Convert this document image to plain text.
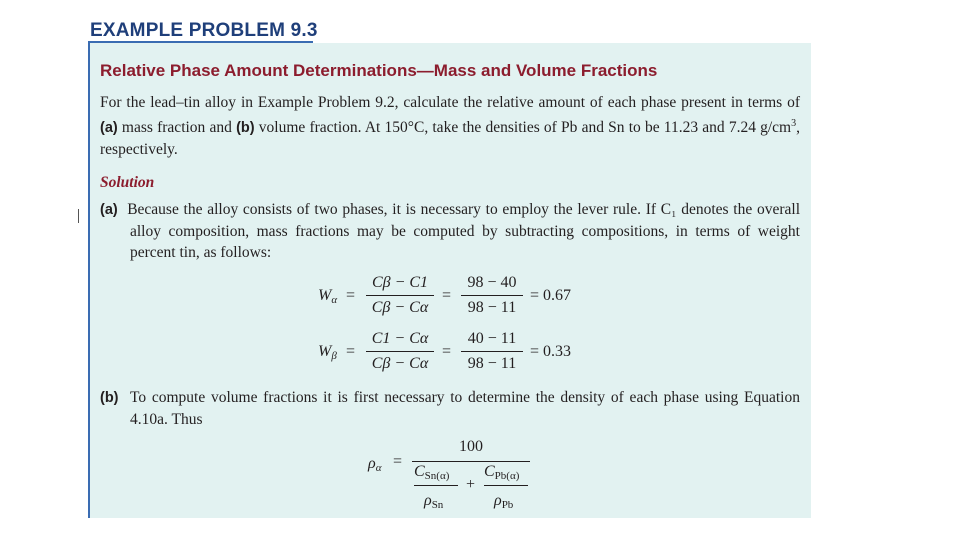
EXAMPLE PROBLEM 9.3
Relative Phase Amount Determinations—Mass and Volume Fractions
For the lead–tin alloy in Example Problem 9.2, calculate the relative amount of each phase present in terms of (a) mass fraction and (b) volume fraction. At 150°C, take the densities of Pb and Sn to be 11.23 and 7.24 $g/cm^3$, respectively.
Solution
(a) Because the alloy consists of two phases, it is necessary to employ the lever rule. If C₁ denotes the overall alloy composition, mass fractions may be computed by subtracting compositions, in terms of weight percent tin, as follows:
$W_\alpha$ =
Cβ − C1
Cβ − Cα
=
98 − 40
98 − 11
= 0.67
$W_\beta$ =
C1 − Cα
Cβ − Cα
=
40 − 11
98 − 11
= 0.33
(b) To compute volume fractions it is first necessary to determine the density of each phase using Equation 4.10a. Thus
$\rho_\alpha$ =
100
$C_{Sn(\alpha)}$ +
$C_{Pb(\alpha)}$
$\rho_{Sn}$	$\rho_{Pb}$
